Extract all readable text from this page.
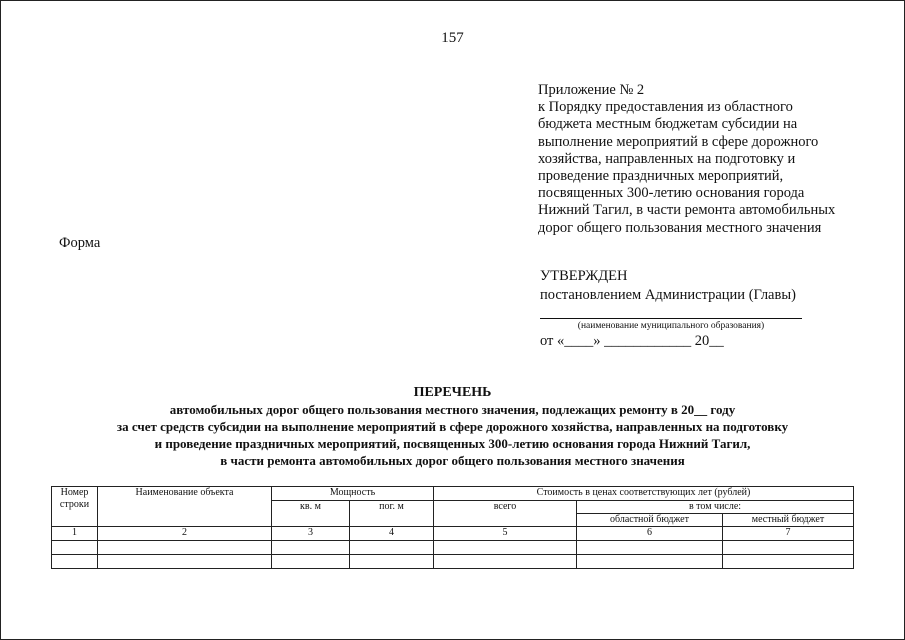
157
Приложение № 2
к Порядку предоставления из областного
бюджета местным бюджетам субсидии на
выполнение мероприятий в сфере дорожного
хозяйства, направленных на подготовку и
проведение праздничных мероприятий,
посвященных 300-летию основания города
Нижний Тагил, в части ремонта автомобильных
дорог общего пользования местного значения
Форма
УТВЕРЖДЕН
постановлением Администрации (Главы)
(наименование муниципального образования)
от «____» ____________ 20__
ПЕРЕЧЕНЬ
автомобильных дорог общего пользования местного значения, подлежащих ремонту в 20__ году
за счет средств субсидии на выполнение мероприятий в сфере дорожного хозяйства, направленных на подготовку
и проведение праздничных мероприятий, посвященных 300-летию основания города Нижний Тагил,
в части ремонта автомобильных дорог общего пользования местного значения
Номер строки	Наименование объекта	Мощность		Стоимость в ценах соответствующих лет (рублей)		
		кв. м	пог. м	всего	в том числе:	
					областной бюджет	местный бюджет
1	2	3	4	5	6	7
